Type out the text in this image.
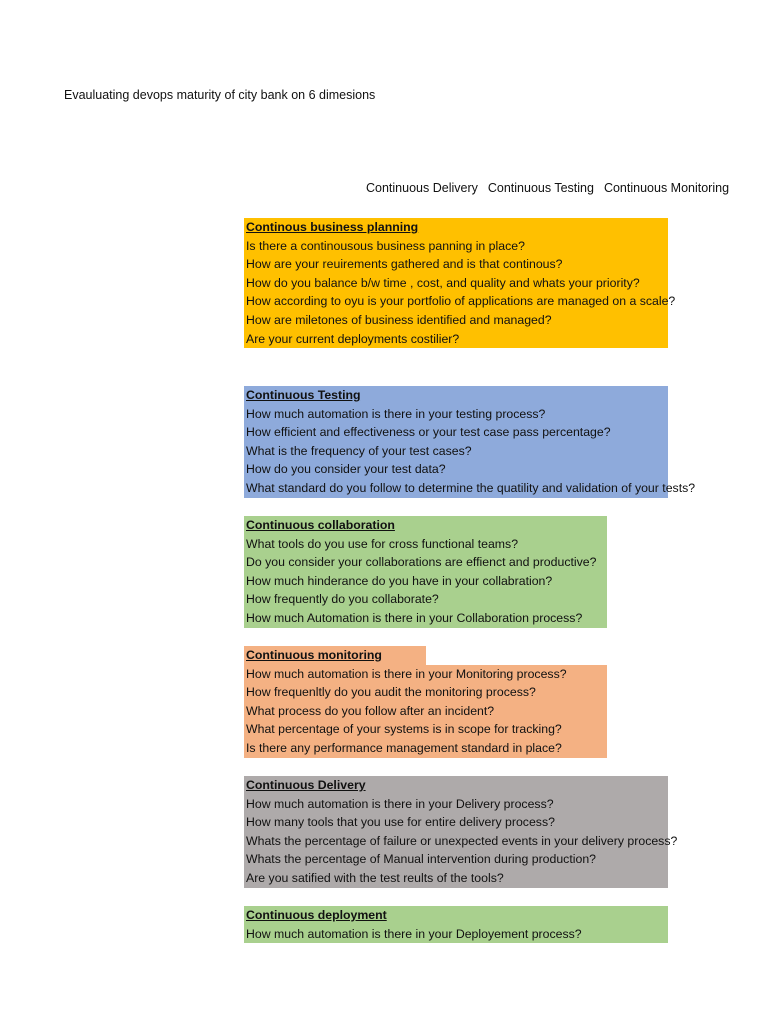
Evauluating devops maturity of city bank on 6 dimesions
Continuous Delivery Continuous Testing Continuous Monitoring
Continous business planning
Is there a continousous business panning in place?
How are your reuirements gathered and is that continous?
How do you balance b/w time , cost, and quality and whats your priority?
How according to oyu is your portfolio of applications are managed on a scale?
How are miletones of business identified and managed?
Are your current deployments costilier?
Continuous Testing
How much automation is there in your testing process?
How efficient and effectiveness or your test case pass percentage?
What is the frequency of your test cases?
How do you consider your test data?
What standard do you follow to determine the quatility and validation of your tests?
Continuous collaboration
What tools do you use for cross functional teams?
Do you consider your collaborations are effienct and productive?
How much hinderance do you have in your collabration?
How frequently do you collaborate?
How much Automation is there in your Collaboration process?
Continuous monitoring
How much automation is there in your Monitoring process?
How frequenltly do you audit the monitoring process?
What process do you follow after an incident?
What percentage of your systems is in scope for tracking?
Is there any performance management standard in place?
Continuous Delivery
How much automation is there in your Delivery process?
How many tools that you use for entire delivery process?
Whats the percentage of failure or unexpected events in your delivery process?
Whats the percentage of Manual intervention during production?
Are you satified with the test reults of the tools?
Continuous deployment
How much automation is there in your Deployement process?
